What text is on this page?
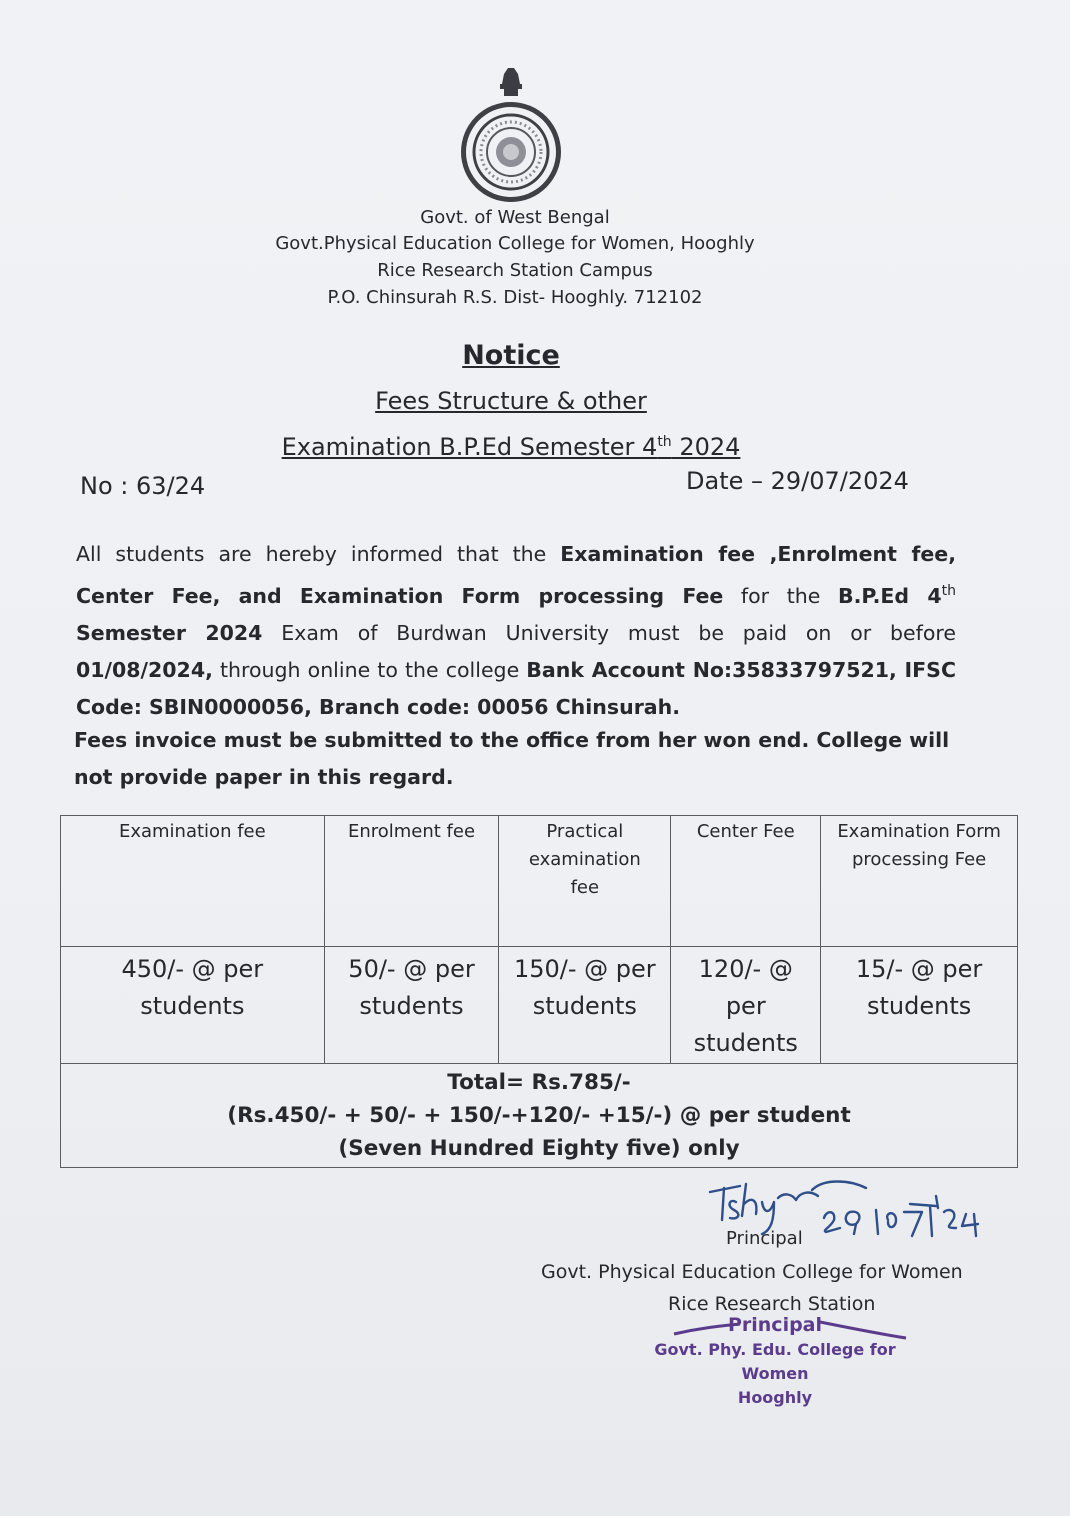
Govt. of West Bengal
Govt.Physical Education College for Women, Hooghly
Rice Research Station Campus
P.O. Chinsurah R.S. Dist- Hooghly. 712102
Notice
Fees Structure & other
Examination B.P.Ed Semester 4th 2024
No : 63/24	Date – 29/07/2024
All students are hereby informed that the Examination fee ,Enrolment fee, Center Fee, and Examination Form processing Fee for the B.P.Ed 4th Semester 2024 Exam of Burdwan University must be paid on or before 01/08/2024, through online to the college Bank Account No:35833797521, IFSC Code: SBIN0000056, Branch code: 00056 Chinsurah.
Fees invoice must be submitted to the office from her won end. College will not provide paper in this regard.
Examination fee	Enrolment fee	Practical examination fee	Center Fee	Examination Form processing Fee
450/- @ per students	50/- @ per students	150/- @ per students	120/- @ per students	15/- @ per students

Total= Rs.785/-
(Rs.450/- + 50/- + 150/-+120/- +15/-) @ per student
(Seven Hundred Eighty five) only				
Principal
Govt. Physical Education College for Women
Rice Research Station
Principal
Govt. Phy. Edu. College for Women
Hooghly
